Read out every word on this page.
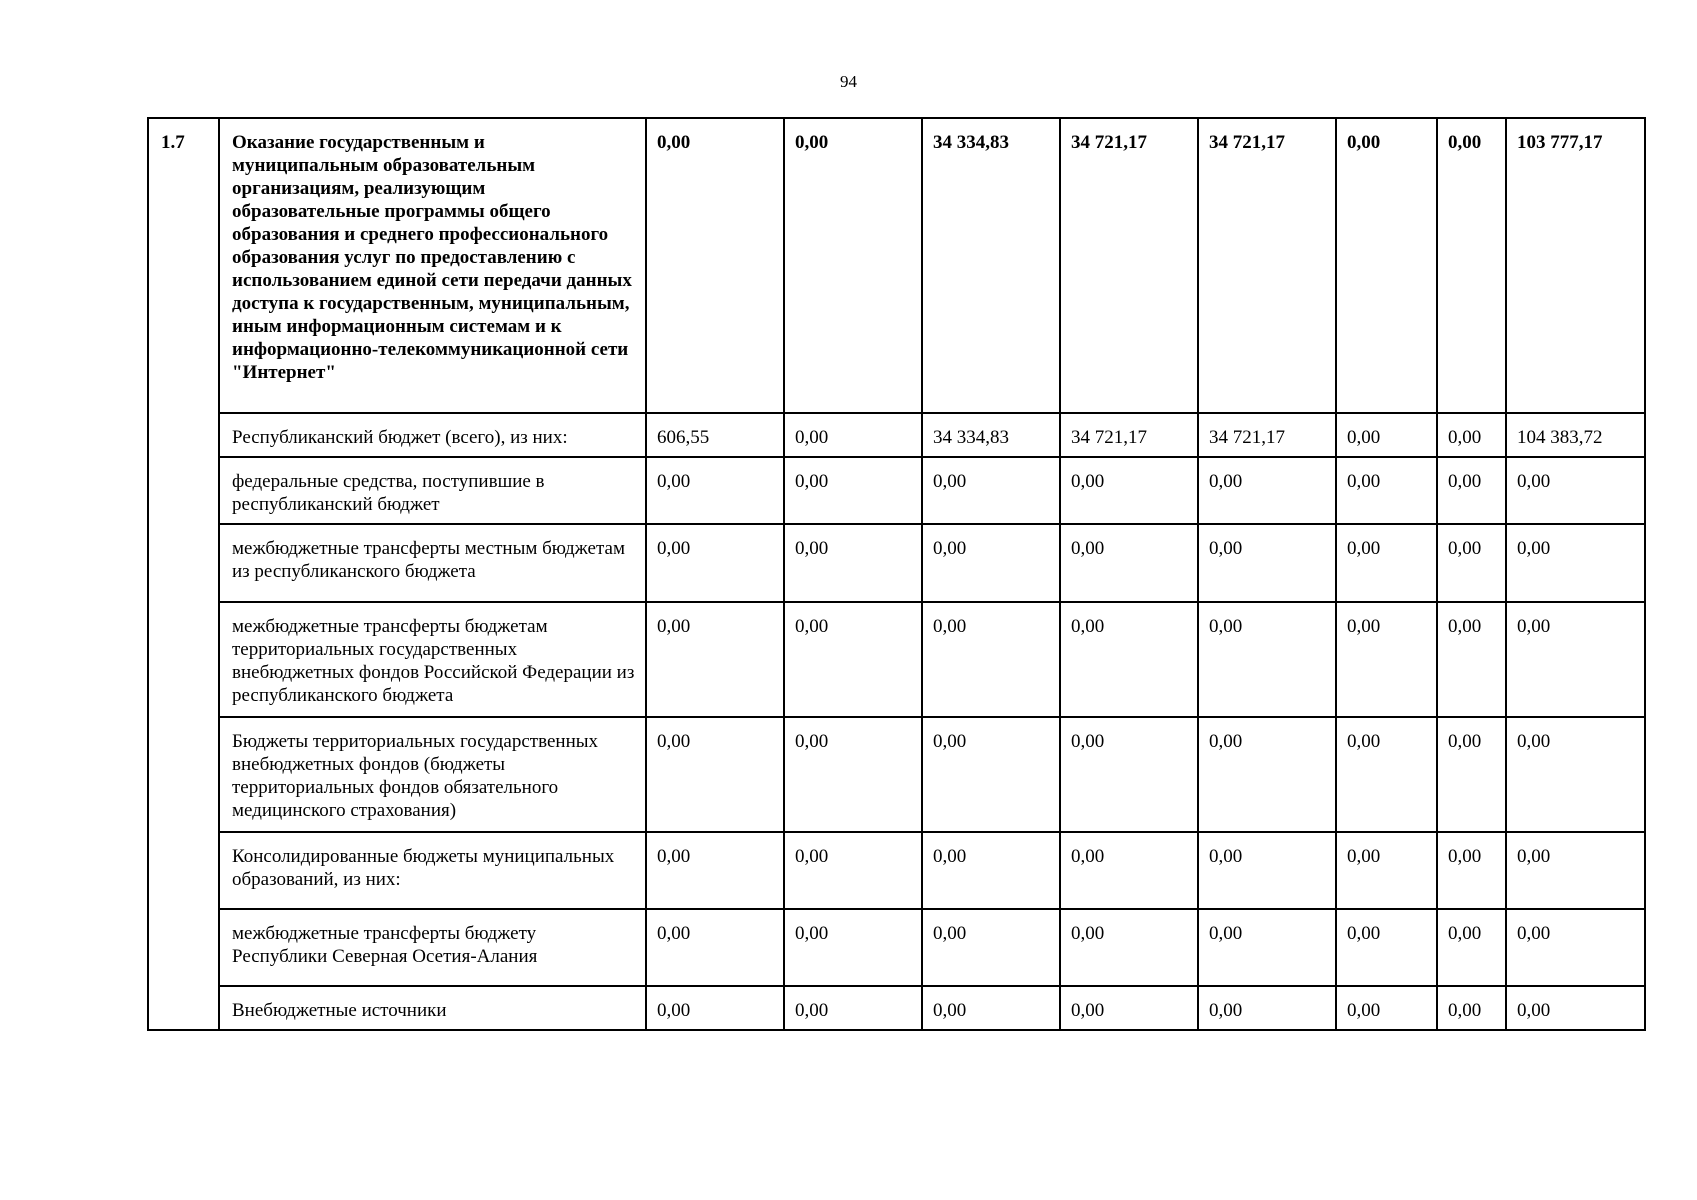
94
1.7	Оказание государственным и муниципальным образовательным организациям, реализующим образовательные программы общего образования и среднего профессионального образования услуг по предоставлению с использованием единой сети передачи данных доступа к государственным, муниципальным, иным информационным системам и к информационно-телекоммуникационной сети "Интернет"	0,00	0,00	34 334,83	34 721,17	34 721,17	0,00	0,00	103 777,17
	Республиканский бюджет (всего), из них:	606,55	0,00	34 334,83	34 721,17	34 721,17	0,00	0,00	104 383,72
	федеральные средства, поступившие в республиканский бюджет	0,00	0,00	0,00	0,00	0,00	0,00	0,00	0,00
	межбюджетные трансферты местным бюджетам из республиканского бюджета	0,00	0,00	0,00	0,00	0,00	0,00	0,00	0,00
	межбюджетные трансферты бюджетам территориальных государственных внебюджетных фондов Российской Федерации из республиканского бюджета	0,00	0,00	0,00	0,00	0,00	0,00	0,00	0,00
	Бюджеты территориальных государственных внебюджетных фондов (бюджеты территориальных фондов обязательного медицинского страхования)	0,00	0,00	0,00	0,00	0,00	0,00	0,00	0,00
	Консолидированные бюджеты муниципальных образований, из них:	0,00	0,00	0,00	0,00	0,00	0,00	0,00	0,00
	межбюджетные трансферты бюджету Республики Северная Осетия-Алания	0,00	0,00	0,00	0,00	0,00	0,00	0,00	0,00
	Внебюджетные источники	0,00	0,00	0,00	0,00	0,00	0,00	0,00	0,00
